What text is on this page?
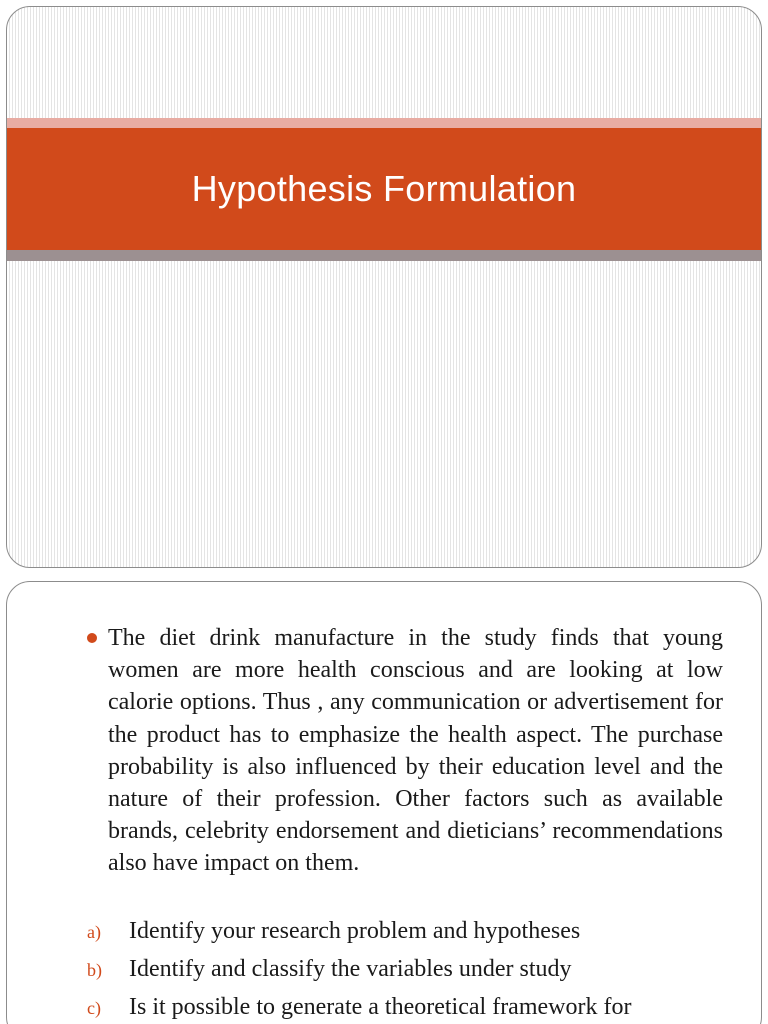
Hypothesis Formulation
The diet drink manufacture in the study finds that young women are more health conscious and are looking at low calorie options. Thus , any communication or advertisement for the product has to emphasize the health aspect. The purchase probability is also influenced by their education level and the nature of their profession. Other factors such as available brands, celebrity endorsement and dieticians’ recommendations also have impact on them.
a)	Identify your research problem and hypotheses
b)	Identify and classify the variables under study
c)	Is it possible to generate a theoretical framework for
